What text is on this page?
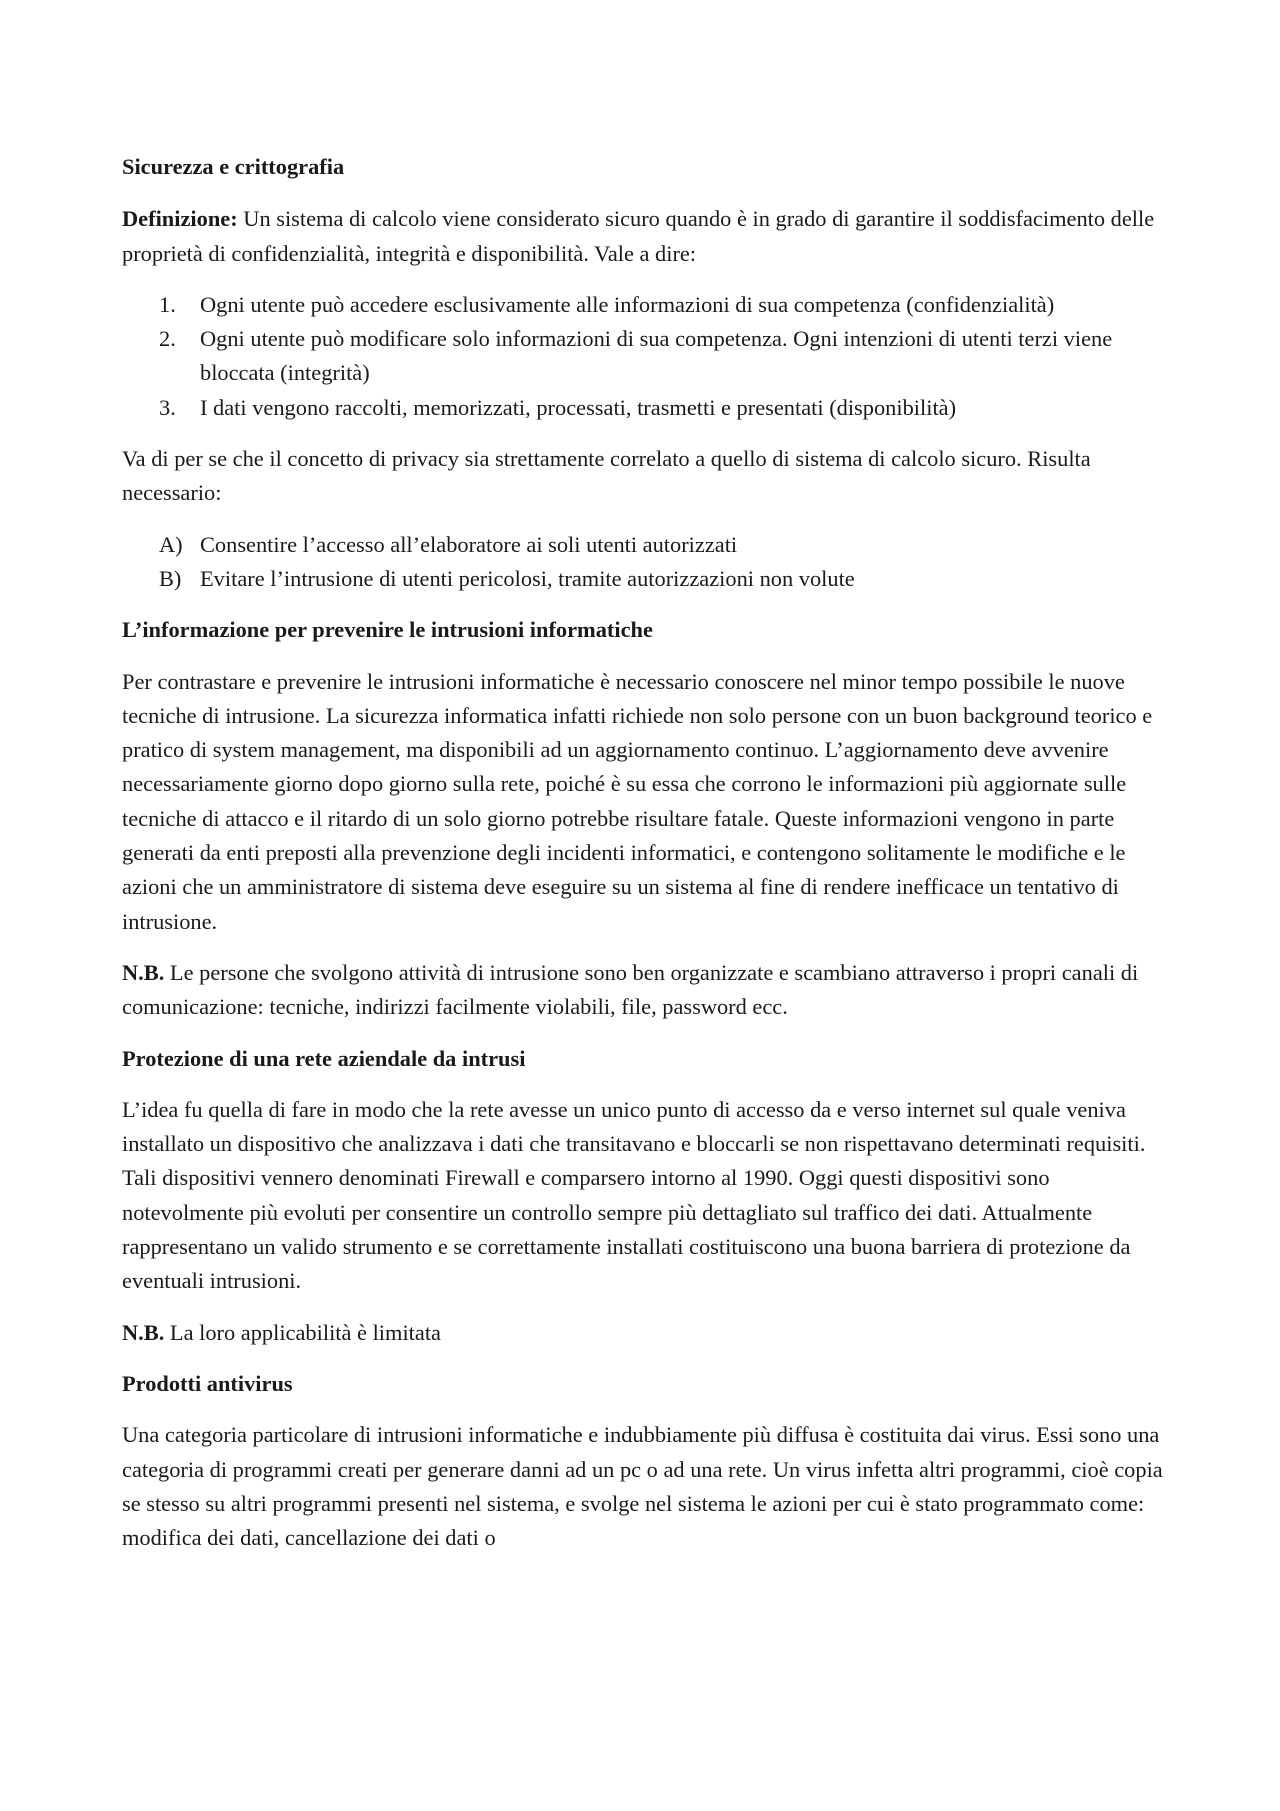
Sicurezza e crittografia

Definizione: Un sistema di calcolo viene considerato sicuro quando è in grado di garantire il soddisfacimento delle proprietà di confidenzialità, integrità e disponibilità. Vale a dire:

1.	Ogni utente può accedere esclusivamente alle informazioni di sua competenza (confidenzialità)
2.	Ogni utente può modificare solo informazioni di sua competenza. Ogni intenzioni di utenti terzi viene bloccata (integrità)
3.	I dati vengono raccolti, memorizzati, processati, trasmetti e presentati (disponibilità)

Va di per se che il concetto di privacy sia strettamente correlato a quello di sistema di calcolo sicuro. Risulta necessario:

A) Consentire l’accesso all’elaboratore ai soli utenti autorizzati
B) Evitare l’intrusione di utenti pericolosi, tramite autorizzazioni non volute
L’informazione per prevenire le intrusioni informatiche

Per contrastare e prevenire le intrusioni informatiche è necessario conoscere nel minor tempo possibile le nuove tecniche di intrusione. La sicurezza informatica infatti richiede non solo persone con un buon background teorico e pratico di system management, ma disponibili ad un aggiornamento continuo. L’aggiornamento deve avvenire necessariamente giorno dopo giorno sulla rete, poiché è su essa che corrono le informazioni più aggiornate sulle tecniche di attacco e il ritardo di un solo giorno potrebbe risultare fatale. Queste informazioni vengono in parte generati da enti preposti alla prevenzione degli incidenti informatici, e contengono solitamente le modifiche e le azioni che un amministratore di sistema deve eseguire su un sistema al fine di rendere inefficace un tentativo di intrusione.

N.B. Le persone che svolgono attività di intrusione sono ben organizzate e scambiano attraverso i propri canali di comunicazione: tecniche, indirizzi facilmente violabili, file, password ecc.

Protezione di una rete aziendale da intrusi

L’idea fu quella di fare in modo che la rete avesse un unico punto di accesso da e verso internet sul quale veniva installato un dispositivo che analizzava i dati che transitavano e bloccarli se non rispettavano determinati requisiti. Tali dispositivi vennero denominati Firewall e comparsero intorno al 1990. Oggi questi dispositivi sono notevolmente più evoluti per consentire un controllo sempre più dettagliato sul traffico dei dati. Attualmente rappresentano un valido strumento e se correttamente installati costituiscono una buona barriera di protezione da eventuali intrusioni.

N.B. La loro applicabilità è limitata

Prodotti antivirus

Una categoria particolare di intrusioni informatiche e indubbiamente più diffusa è costituita dai virus. Essi sono una categoria di programmi creati per generare danni ad un pc o ad una rete. Un virus infetta altri programmi, cioè copia se stesso su altri programmi presenti nel sistema, e svolge nel sistema le azioni per cui è stato programmato come: modifica dei dati, cancellazione dei dati o
